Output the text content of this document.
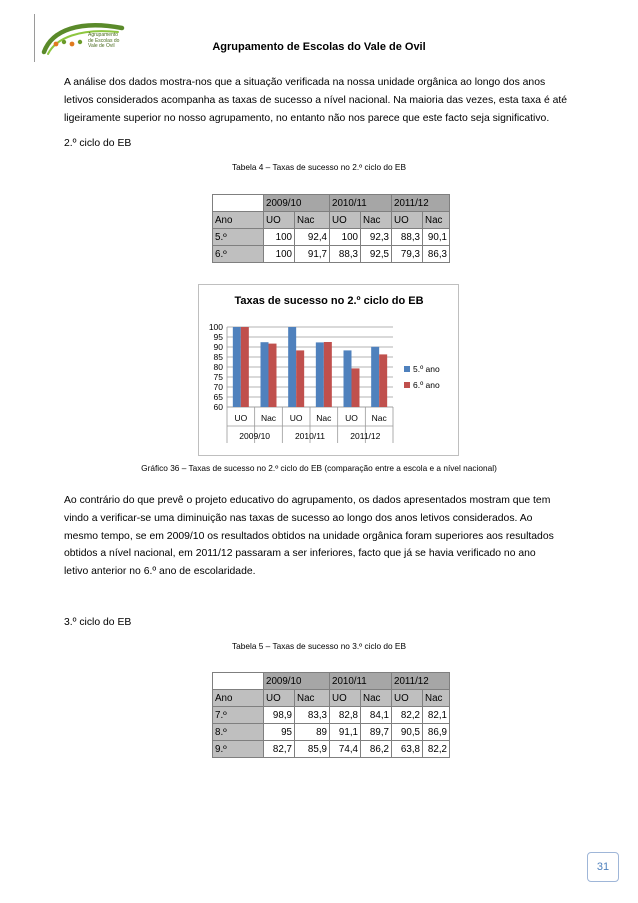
Agrupamento
de Escolas do
Vale de Ovil	Agrupamento de Escolas do Vale de Ovil
A análise dos dados mostra-nos que a situação verificada na nossa unidade orgânica ao longo dos anos
letivos considerados acompanha as taxas de sucesso a nível nacional. Na maioria das vezes, esta taxa é até
ligeiramente superior no nosso agrupamento, no entanto não nos parece que este facto seja significativo.
2.º ciclo do EB
Tabela 4 – Taxas de sucesso no 2.º ciclo do EB
	2009/10		2010/11		2011/12	
Ano	UO	Nac	UO	Nac	UO	Nac
5.º	100	92,4	100	92,3	88,3	90,1
6.º	100	91,7	88,3	92,5	79,3	86,3
Taxas de sucesso no 2.º ciclo do EB
100
95
90
85
80
75
70
65
60
UO Nac UO Nac UO Nac
2009/10	2010/11	2011/12
5.º ano
6.º ano
Gráfico 36 – Taxas de sucesso no 2.º ciclo do EB (comparação entre a escola e a nível nacional)
Ao contrário do que prevê o projeto educativo do agrupamento, os dados apresentados mostram que tem
vindo a verificar-se uma diminuição nas taxas de sucesso ao longo dos anos letivos considerados. Ao
mesmo tempo, se em 2009/10 os resultados obtidos na unidade orgânica foram superiores aos resultados
obtidos a nível nacional, em 2011/12 passaram a ser inferiores, facto que já se havia verificado no ano
letivo anterior no 6.º ano de escolaridade.
3.º ciclo do EB
Tabela 5 – Taxas de sucesso no 3.º ciclo do EB
	2009/10		2010/11		2011/12	
Ano	UO	Nac	UO	Nac	UO	Nac
7.º	98,9	83,3	82,8	84,1	82,2	82,1
8.º	95	89	91,1	89,7	90,5	86,9
9.º	82,7	85,9	74,4	86,2	63,8	82,2
31
